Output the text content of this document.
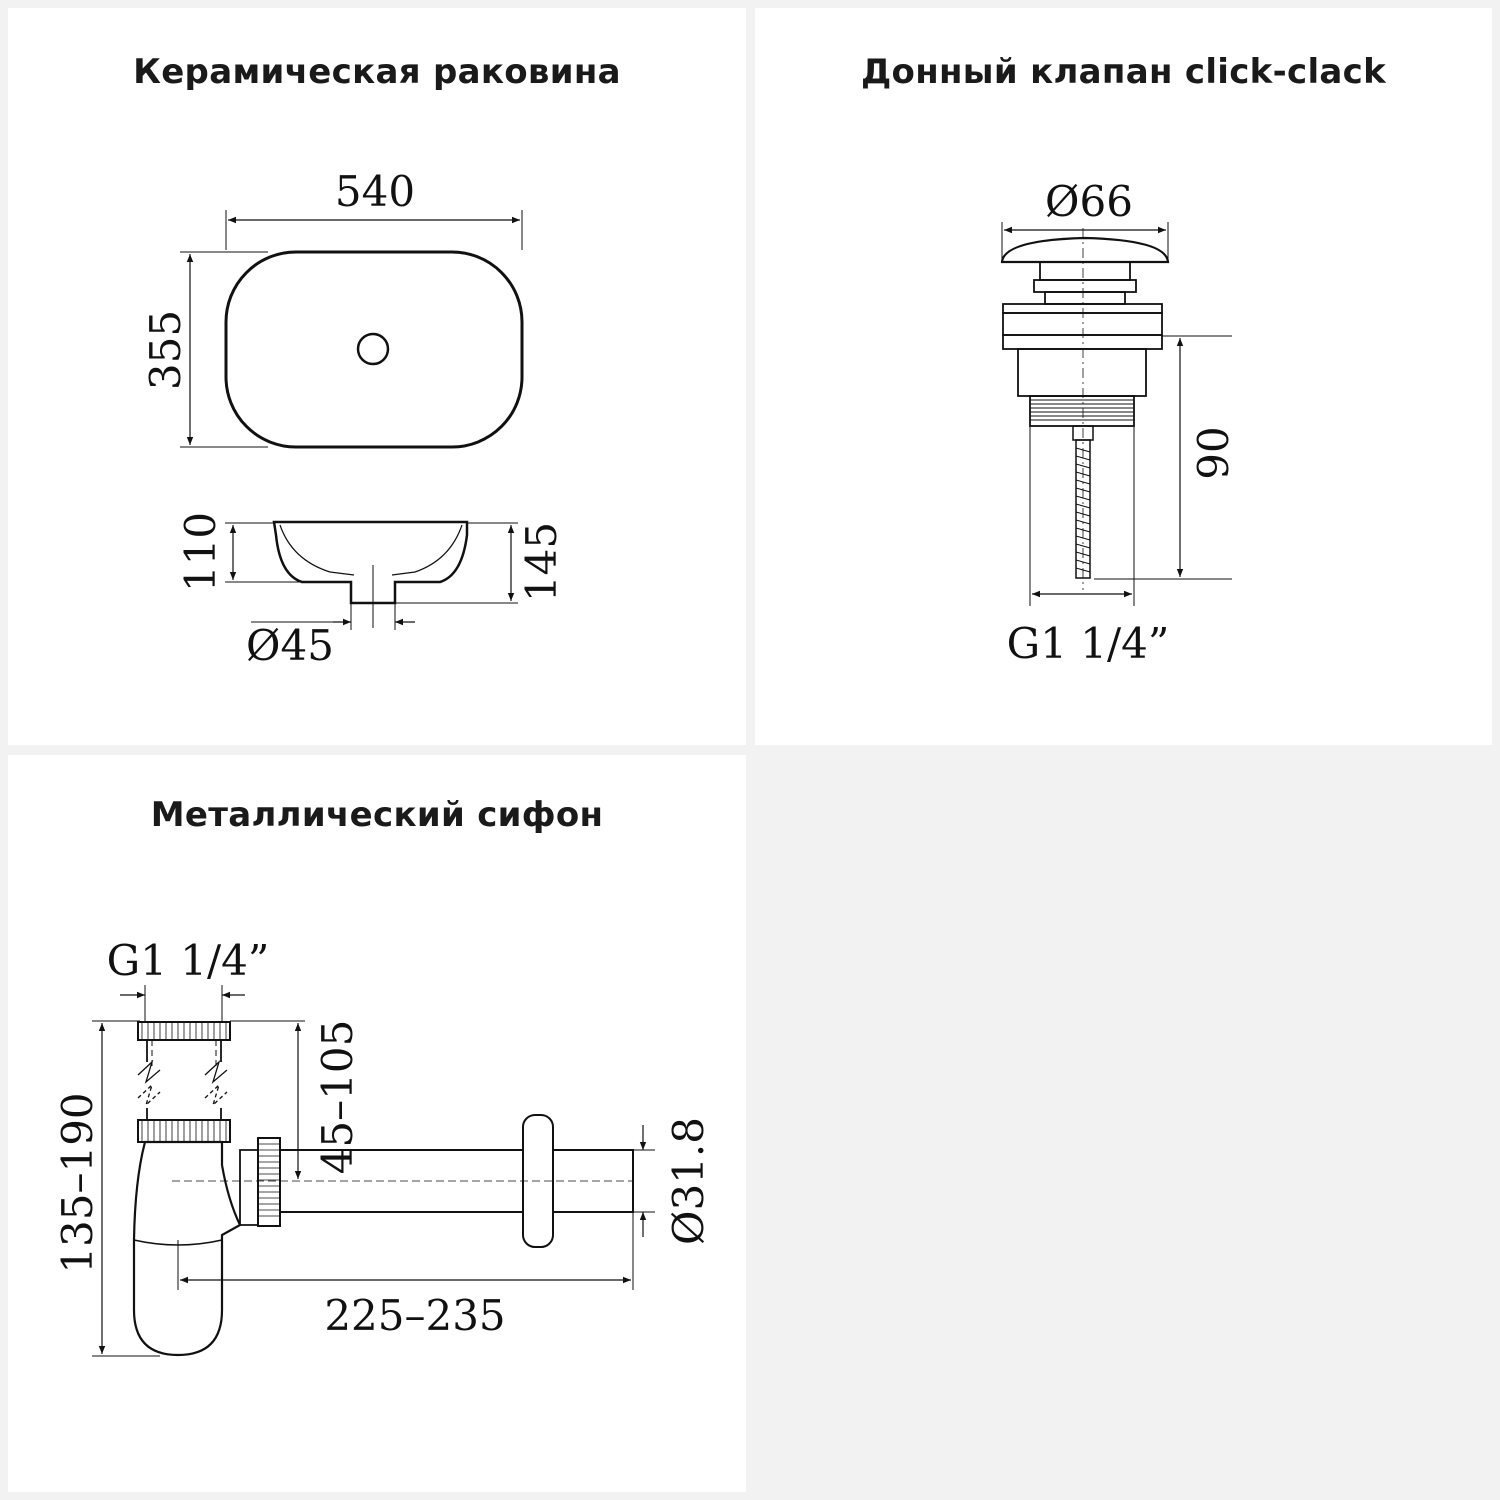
Керамическая раковина	Донный клапан click-clack
Металлический сифон
540
355
110	145
Ø45
Ø66
90
G1 1/4”
G1 1/4”
45–105
135–190
225–235
Ø31.8
